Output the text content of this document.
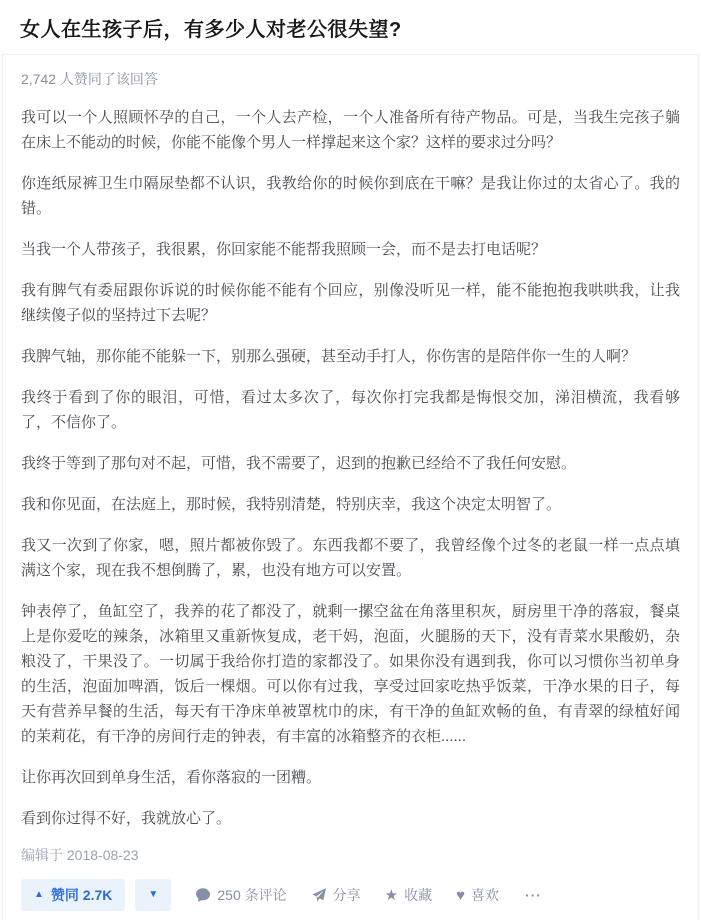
女人在生孩子后，有多少人对老公很失望?
2,742 人赞同了该回答

我可以一个人照顾怀孕的自己，一个人去产检，一个人准备所有待产物品。可是，当我生完孩子躺在床上不能动的时候，你能不能像个男人一样撑起来这个家？这样的要求过分吗？

你连纸尿裤卫生巾隔尿垫都不认识，我教给你的时候你到底在干嘛？是我让你过的太省心了。我的错。

当我一个人带孩子，我很累，你回家能不能帮我照顾一会，而不是去打电话呢？

我有脾气有委屈跟你诉说的时候你能不能有个回应，别像没听见一样，能不能抱抱我哄哄我，让我继续傻子似的坚持过下去呢？

我脾气轴，那你能不能躲一下，别那么强硬，甚至动手打人，你伤害的是陪伴你一生的人啊？

我终于看到了你的眼泪，可惜，看过太多次了，每次你打完我都是悔恨交加，涕泪横流，我看够了，不信你了。

我终于等到了那句对不起，可惜，我不需要了，迟到的抱歉已经给不了我任何安慰。

我和你见面，在法庭上，那时候，我特别清楚，特别庆幸，我这个决定太明智了。

我又一次到了你家，嗯，照片都被你毁了。东西我都不要了，我曾经像个过冬的老鼠一样一点点填满这个家，现在我不想倒腾了，累，也没有地方可以安置。

钟表停了，鱼缸空了，我养的花了都没了，就剩一摞空盆在角落里积灰，厨房里干净的落寂，餐桌上是你爱吃的辣条，冰箱里又重新恢复成，老干妈，泡面，火腿肠的天下，没有青菜水果酸奶，杂粮没了，干果没了。一切属于我给你打造的家都没了。如果你没有遇到我，你可以习惯你当初单身的生活，泡面加啤酒，饭后一棵烟。可以你有过我，享受过回家吃热乎饭菜，干净水果的日子，每天有营养早餐的生活，每天有干净床单被罩枕巾的床，有干净的鱼缸欢畅的鱼，有青翠的绿植好闻的茉莉花，有干净的房间行走的钟表，有丰富的冰箱整齐的衣柜......

让你再次回到单身生活，看你落寂的一团糟。

看到你过得不好，我就放心了。

编辑于 2018-08-23
▲ 赞同 2.7K	▼	250 条评论	分享 ★ 收藏 ♥ 喜欢 ···
